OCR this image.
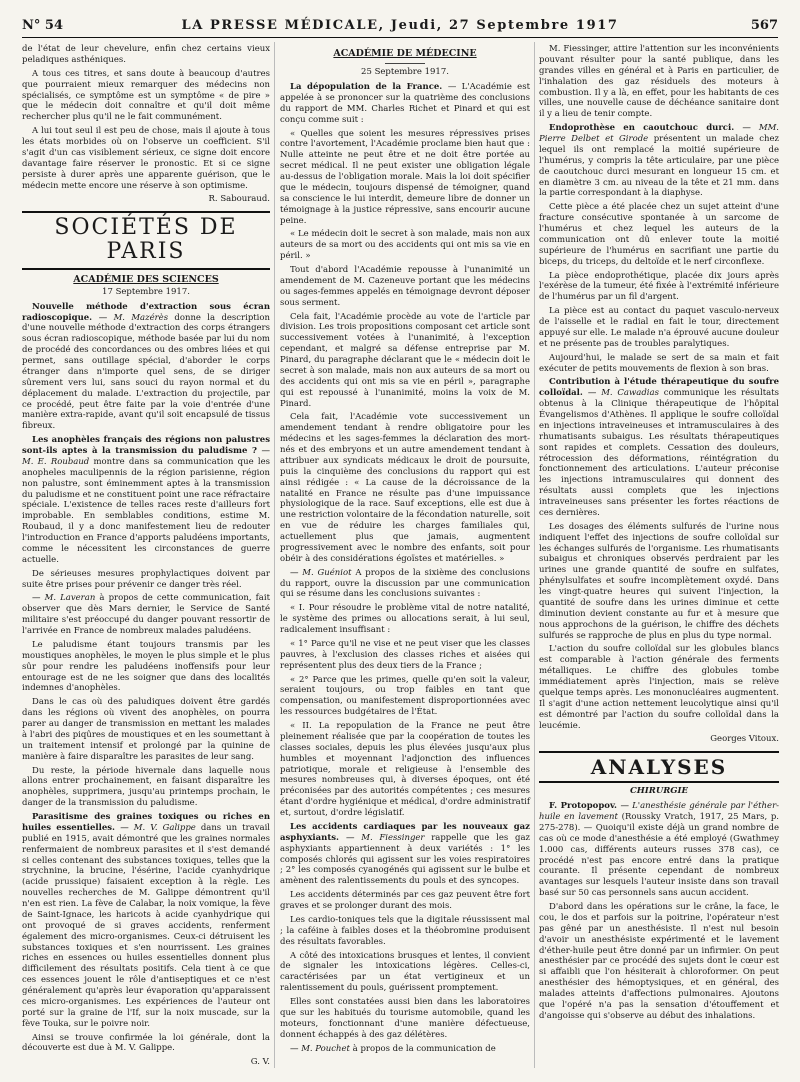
N° 54	LA PRESSE MÉDICALE, Jeudi, 27 Septembre 1917	567

de l'état de leur chevelure, enfin chez certains vieux peladiques asthéniques.

A tous ces titres, et sans doute à beaucoup d'autres que pourraient mieux remarquer des médecins non spécialisés, ce symptôme est un symptôme « de pire » que le médecin doit connaître et qu'il doit même rechercher plus qu'il ne le fait communément.

A lui tout seul il est peu de chose, mais il ajoute à tous les états morbides où on l'observe un coefficient. S'il s'agit d'un cas visiblement sérieux, ce signe doit encore davantage faire réserver le pronostic. Et si ce signe persiste à durer après une apparente guérison, que le médecin mette encore une réserve à son optimisme.

R. Sabouraud.

SOCIÉTÉS DE PARIS
ACADÉMIE DES SCIENCES
17 Septembre 1917.

Nouvelle méthode d'extraction sous écran radioscopique. — M. Mazérès donne la description d'une nouvelle méthode d'extraction des corps étrangers sous écran radioscopique, méthode basée par lui du nom de procédé des concordances ou des ombres liées et qui permet, sans outillage spécial, d'aborder le corps étranger dans n'importe quel sens, de se diriger sûrement vers lui, sans souci du rayon normal et du déplacement du malade. L'extraction du projectile, par ce procédé, peut être faite par la voie d'entrée d'une manière extra-rapide, avant qu'il soit encapsulé de tissus fibreux.

Les anophèles français des régions non palustres sont-ils aptes à la transmission du paludisme ? — M. E. Roubaud montre dans sa communication que les anopheles maculipennis de la région parisienne, région non palustre, sont éminemment aptes à la transmission du paludisme et ne constituent point une race réfractaire spéciale. L'existence de telles races reste d'ailleurs fort improbable. En semblables conditions, estime M. Roubaud, il y a donc manifestement lieu de redouter l'introduction en France d'apports paludéens importants, comme le nécessitent les circonstances de guerre actuelle.

De sérieuses mesures prophylactiques doivent par suite être prises pour prévenir ce danger très réel.

— M. Laveran à propos de cette communication, fait observer que dès Mars dernier, le Service de Santé militaire s'est préoccupé du danger pouvant ressortir de l'arrivée en France de nombreux malades paludéens.

Le paludisme étant toujours transmis par les moustiques anophèles, le moyen le plus simple et le plus sûr pour rendre les paludéens inoffensifs pour leur entourage est de ne les soigner que dans des localités indemnes d'anophèles.

Dans le cas où des paludiques doivent être gardés dans les régions où vivent des anophèles, on pourra parer au danger de transmission en mettant les malades à l'abri des piqûres de moustiques et en les soumettant à un traitement intensif et prolongé par la quinine de manière à faire disparaître les parasites de leur sang.

Du reste, la période hivernale dans laquelle nous allons entrer prochainement, en faisant disparaître les anophèles, supprimera, jusqu'au printemps prochain, le danger de la transmission du paludisme.

Parasitisme des graines toxiques ou riches en huiles essentielles. — M. V. Galippe dans un travail publié en 1915, avait démontré que les graines normales renfermaient de nombreux parasites et il s'est demandé si celles contenant des substances toxiques, telles que la strychnine, la brucine, l'ésérine, l'acide cyanhydrique (acide prussique) faisaient exception à la règle. Les nouvelles recherches de M. Galippe démontrent qu'il n'en est rien. La fève de Calabar, la noix vomique, la fève de Saint-Ignace, les haricots à acide cyanhydrique qui ont provoqué de si graves accidents, renferment également des micro-organismes. Ceux-ci détruisent les substances toxiques et s'en nourrissent. Les graines riches en essences ou huiles essentielles donnent plus difficilement des résultats positifs. Cela tient à ce que ces essences jouent le rôle d'antiseptiques et ce n'est généralement qu'après leur évaporation qu'apparaissent ces micro-organismes. Les expériences de l'auteur ont porté sur la graine de l'If, sur la noix muscade, sur la fève Touka, sur le poivre noir.

Ainsi se trouve confirmée la loi générale, dont la découverte est due à M. V. Galippe.

G. V.

ACADÉMIE DE MÉDECINE
25 Septembre 1917.

La dépopulation de la France. — L'Académie est appelée à se prononcer sur la quatrième des conclusions du rapport de MM. Charles Richet et Pinard et qui est conçu comme suit :

« Quelles que soient les mesures répressives prises contre l'avortement, l'Académie proclame bien haut que : Nulle atteinte ne peut être et ne doit être portée au secret médical. Il ne peut exister une obligation légale au-dessus de l'obligation morale. Mais la loi doit spécifier que le médecin, toujours dispensé de témoigner, quand sa conscience le lui interdit, demeure libre de donner un témoignage à la justice répressive, sans encourir aucune peine.

« Le médecin doit le secret à son malade, mais non aux auteurs de sa mort ou des accidents qui ont mis sa vie en péril. »

Tout d'abord l'Académie repousse à l'unanimité un amendement de M. Cazeneuve portant que les médecins ou sages-femmes appelés en témoignage devront déposer sous serment.

Cela fait, l'Académie procède au vote de l'article par division. Les trois propositions composant cet article sont successivement votées à l'unanimité, à l'exception cependant, et malgré sa défense entreprise par M. Pinard, du paragraphe déclarant que le « médecin doit le secret à son malade, mais non aux auteurs de sa mort ou des accidents qui ont mis sa vie en péril », paragraphe qui est repoussé à l'unanimité, moins la voix de M. Pinard.

Cela fait, l'Académie vote successivement un amendement tendant à rendre obligatoire pour les médecins et les sages-femmes la déclaration des mort-nés et des embryons et un autre amendement tendant à attribuer aux syndicats médicaux le droit de poursuite, puis la cinquième des conclusions du rapport qui est ainsi rédigée : « La cause de la décroissance de la natalité en France ne résulte pas d'une impuissance physiologique de la race. Sauf exceptions, elle est due à une restriction volontaire de la fécondation naturelle, soit en vue de réduire les charges familiales qui, actuellement plus que jamais, augmentent progressivement avec le nombre des enfants, soit pour obéir à des considérations égoïstes et matérielles. »

— M. Guéniot A propos de la sixième des conclusions du rapport, ouvre la discussion par une communication qui se résume dans les conclusions suivantes :

« I. Pour résoudre le problème vital de notre natalité, le système des primes ou allocations serait, à lui seul, radicalement insuffisant :

« 1° Parce qu'il ne vise et ne peut viser que les classes pauvres, à l'exclusion des classes riches et aisées qui représentent plus des deux tiers de la France ;

« 2° Parce que les primes, quelle qu'en soit la valeur, seraient toujours, ou trop faibles en tant que compensation, ou manifestement disproportionnées avec les ressources budgétaires de l'État.

« II. La repopulation de la France ne peut être pleinement réalisée que par la coopération de toutes les classes sociales, depuis les plus élevées jusqu'aux plus humbles et moyennant l'adjonction des influences patriotique, morale et religieuse à l'ensemble des mesures nombreuses qui, à diverses époques, ont été préconisées par des autorités compétentes ; ces mesures étant d'ordre hygiénique et médical, d'ordre administratif et, surtout, d'ordre législatif.

Les accidents cardiaques par les nouveaux gaz asphyxiants. — M. Fiessinger rappelle que les gaz asphyxiants appartiennent à deux variétés : 1° les composés chlorés qui agissent sur les voies respiratoires ; 2° les composés cyanogénés qui agissent sur le bulbe et amènent des ralentissements du pouls et des syncopes.

Les accidents déterminés par ces gaz peuvent être fort graves et se prolonger durant des mois.

Les cardio-toniques tels que la digitale réussissent mal ; la caféine à faibles doses et la théobromine produisent des résultats favorables.

A côté des intoxications brusques et lentes, il convient de signaler les intoxications légères. Celles-ci, caractérisées par un état vertigineux et un ralentissement du pouls, guérissent promptement.

Elles sont constatées aussi bien dans les laboratoires que sur les habitués du tourisme automobile, quand les moteurs, fonctionnant d'une manière défectueuse, donnent échappés à des gaz délétères.

— M. Pouchet à propos de la communication de

M. Fiessinger, attire l'attention sur les inconvénients pouvant résulter pour la santé publique, dans les grandes villes en général et à Paris en particulier, de l'inhalation des gaz résiduels des moteurs à combustion. Il y a là, en effet, pour les habitants de ces villes, une nouvelle cause de déchéance sanitaire dont il y a lieu de tenir compte.

Endoprothèse en caoutchouc durci. — MM. Pierre Delbet et Girode présentent un malade chez lequel ils ont remplacé la moitié supérieure de l'humérus, y compris la tête articulaire, par une pièce de caoutchouc durci mesurant en longueur 15 cm. et en diamètre 3 cm. au niveau de la tête et 21 mm. dans la partie correspondant à la diaphyse.

Cette pièce a été placée chez un sujet atteint d'une fracture consécutive spontanée à un sarcome de l'humérus et chez lequel les auteurs de la communication ont dû enlever toute la moitié supérieure de l'humérus en sacrifiant une partie du biceps, du triceps, du deltoïde et le nerf circonflexe.

La pièce endoprothétique, placée dix jours après l'exérèse de la tumeur, été fixée à l'extrémité inférieure de l'humérus par un fil d'argent.

La pièce est au contact du paquet vasculo-nerveux de l'aisselle et le radial en fait le tour, directement appuyé sur elle. Le malade n'a éprouvé aucune douleur et ne présente pas de troubles paralytiques.

Aujourd'hui, le malade se sert de sa main et fait exécuter de petits mouvements de flexion à son bras.

Contribution à l'étude thérapeutique du soufre colloïdal. — M. Cawadias communique les résultats obtenus à la Clinique thérapeutique de l'hôpital Évangelismos d'Athènes. Il applique le soufre colloïdal en injections intraveineuses et intramusculaires à des rhumatisants subaigus. Les résultats thérapeutiques sont rapides et complets. Cessation des douleurs, rétrocession des déformations, réintégration du fonctionnement des articulations. L'auteur préconise les injections intramusculaires qui donnent des résultats aussi complets que les injections intraveineuses sans présenter les fortes réactions de ces dernières.

Les dosages des éléments sulfurés de l'urine nous indiquent l'effet des injections de soufre colloïdal sur les échanges sulfurés de l'organisme. Les rhumatisants subaigus et chroniques observés perdraient par les urines une grande quantité de soufre en sulfates, phénylsulfates et soufre incomplètement oxydé. Dans les vingt-quatre heures qui suivent l'injection, la quantité de soufre dans les urines diminue et cette diminution devient constante au fur et à mesure que nous approchons de la guérison, le chiffre des déchets sulfurés se rapproche de plus en plus du type normal.

L'action du soufre colloïdal sur les globules blancs est comparable à l'action générale des ferments métalliques. Le chiffre des globules tombe immédiatement après l'injection, mais se relève quelque temps après. Les mononucléaires augmentent. Il s'agit d'une action nettement leucolytique ainsi qu'il est démontré par l'action du soufre colloïdal dans la leucémie.

Georges Vitoux.

ANALYSES
CHIRURGIE

F. Protopopov. — L'anesthésie générale par l'éther-huile en lavement (Roussky Vratch, 1917, 25 Mars, p. 275-278). — Quoiqu'il existe déjà un grand nombre de cas où ce mode d'anesthésie a été employé (Gwathmey 1.000 cas, différents auteurs russes 378 cas), ce procédé n'est pas encore entré dans la pratique courante. Il présente cependant de nombreux avantages sur lesquels l'auteur insiste dans son travail basé sur 50 cas personnels sans aucun accident.

D'abord dans les opérations sur le crâne, la face, le cou, le dos et parfois sur la poitrine, l'opérateur n'est pas gêné par un anesthésiste. Il n'est nul besoin d'avoir un anesthésiste expérimenté et le lavement d'éther-huile peut être donné par un infirmier. On peut anesthésier par ce procédé des sujets dont le cœur est si affaibli que l'on hésiterait à chloroformer. On peut anesthésier des hémoptysiques, et en général, des malades atteints d'affections pulmonaires. Ajoutons que l'opéré n'a pas la sensation d'étouffement et d'angoisse qui s'observe au début des inhalations.
